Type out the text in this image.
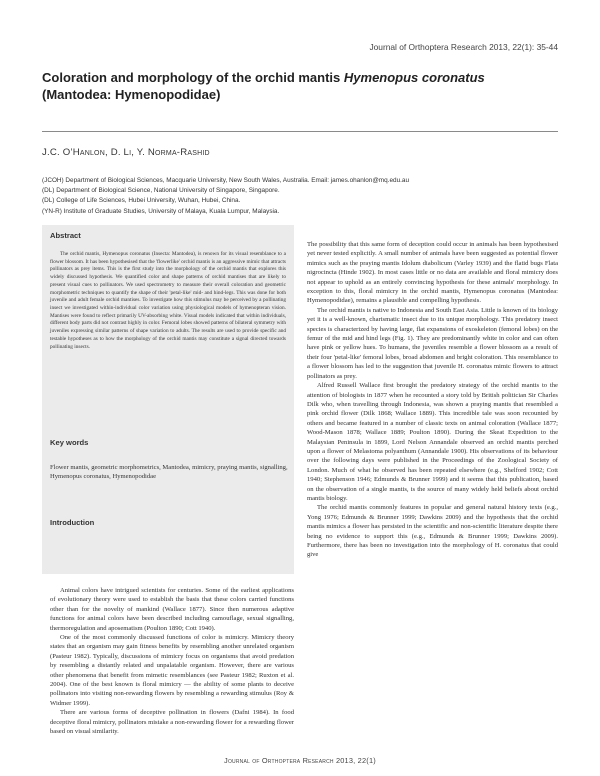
Journal of Orthoptera Research 2013, 22(1): 35-44
Coloration and morphology of the orchid mantis Hymenopus coronatus
(Mantodea: Hymenopodidae)
J.C. O’Hanlon, D. Li, Y. Norma-Rashid
(JCOH) Department of Biological Sciences, Macquarie University, New South Wales, Australia. Email: james.ohanlon@mq.edu.au
(DL) Department of Biological Science, National University of Singapore, Singapore.
(DL) College of Life Sciences, Hubei University, Wuhan, Hubei, China.
(YN-R) Institute of Graduate Studies, University of Malaya, Kuala Lumpur, Malaysia.
Abstract
The orchid mantis, Hymenopus coronatus (Insecta: Mantodea), is renown for its visual resemblance to a flower blossom. It has been hypothesised that the 'flowerlike' orchid mantis is an aggressive mimic that attracts pollinators as prey items. This is the first study into the morphology of the orchid mantis that explores this widely discussed hypothesis. We quantified color and shape patterns of orchid mantises that are likely to present visual cues to pollinators. We used spectrometry to measure their overall coloration and geometric morphometric techniques to quantify the shape of their 'petal-like' mid- and hind-legs. This was done for both juvenile and adult female orchid mantises. To investigate how this stimulus may be perceived by a pollinating insect we investigated within-individual color variation using physiological models of hymenopteran vision. Mantises were found to reflect primarily UV-absorbing white. Visual models indicated that within individuals, different body parts did not contrast highly in color. Femoral lobes showed patterns of bilateral symmetry with juveniles expressing similar patterns of shape variation to adults. The results are used to provide specific and testable hypotheses as to how the morphology of the orchid mantis may constitute a signal directed towards pollinating insects.
Key words
Flower mantis, geometric morphometrics, Mantodea, mimicry, praying mantis, signalling, Hymenopus coronatus, Hymenopodidae
Introduction

Animal colors have intrigued scientists for centuries. Some of the earliest applications of evolutionary theory were used to establish the basis that these colors carried functions other than for the novelty of mankind (Wallace 1877). Since then numerous adaptive functions for animal colors have been described including camouflage, sexual signalling, thermoregulation and aposematism (Poulton 1890; Cott 1940).

One of the most commonly discussed functions of color is mimicry. Mimicry theory states that an organism may gain fitness benefits by resembling another unrelated organism (Pasteur 1982). Typically, discussions of mimicry focus on organisms that avoid predation by resembling a distantly related and unpalatable organism. However, there are various other phenomena that benefit from mimetic resemblances (see Pasteur 1982; Ruxton et al. 2004). One of the best known is floral mimicry — the ability of some plants to deceive pollinators into visiting non-rewarding flowers by resembling a rewarding stimulus (Roy & Widmer 1999).

There are various forms of deceptive pollination in flowers (Dafni 1984). In food deceptive floral mimicry, pollinators mistake a non-rewarding flower for a rewarding flower based on visual similarity.

The possibility that this same form of deception could occur in animals has been hypothesised yet never tested explicitly. A small number of animals have been suggested as potential flower mimics such as the praying mantis Idolum diabolicum (Varley 1939) and the flatid bugs Flata nigrocincta (Hinde 1902). In most cases little or no data are available and floral mimicry does not appear to uphold as an entirely convincing hypothesis for these animals' morphology. In exception to this, floral mimicry in the orchid mantis, Hymenopus coronatus (Mantodea: Hymenopodidae), remains a plausible and compelling hypothesis.

The orchid mantis is native to Indonesia and South East Asia. Little is known of its biology yet it is a well-known, charismatic insect due to its unique morphology. This predatory insect species is characterized by having large, flat expansions of exoskeleton (femoral lobes) on the femur of the mid and hind legs (Fig. 1). They are predominantly white in color and can often have pink or yellow hues. To humans, the juveniles resemble a flower blossom as a result of their four 'petal-like' femoral lobes, broad abdomen and bright coloration. This resemblance to a flower blossom has led to the suggestion that juvenile H. coronatus mimic flowers to attract pollinators as prey.

Alfred Russell Wallace first brought the predatory strategy of the orchid mantis to the attention of biologists in 1877 when he recounted a story told by British politician Sir Charles Dilk who, when travelling through Indonesia, was shown a praying mantis that resembled a pink orchid flower (Dilk 1868; Wallace 1889). This incredible tale was soon recounted by others and became featured in a number of classic texts on animal coloration (Wallace 1877; Wood-Mason 1878; Wallace 1889; Poulton 1890). During the Skeat Expedition to the Malaysian Peninsula in 1899, Lord Nelson Annandale observed an orchid mantis perched upon a flower of Melastoma polyanthum (Annandale 1900). His observations of its behaviour over the following days were published in the Proceedings of the Zoological Society of London. Much of what he observed has been repeated elsewhere (e.g., Shelford 1902; Cott 1940; Stephenson 1946; Edmunds & Brunner 1999) and it seems that this publication, based on the observation of a single mantis, is the source of many widely held beliefs about orchid mantis biology.

The orchid mantis commonly features in popular and general natural history texts (e.g., Yong 1976; Edmunds & Brunner 1999; Dawkins 2009) and the hypothesis that the orchid mantis mimics a flower has persisted in the scientific and non-scientific literature despite there being no evidence to support this (e.g., Edmunds & Brunner 1999; Dawkins 2009). Furthermore, there has been no investigation into the morphology of H. coronatus that could give

Journal of Orthoptera Research 2013, 22(1)
